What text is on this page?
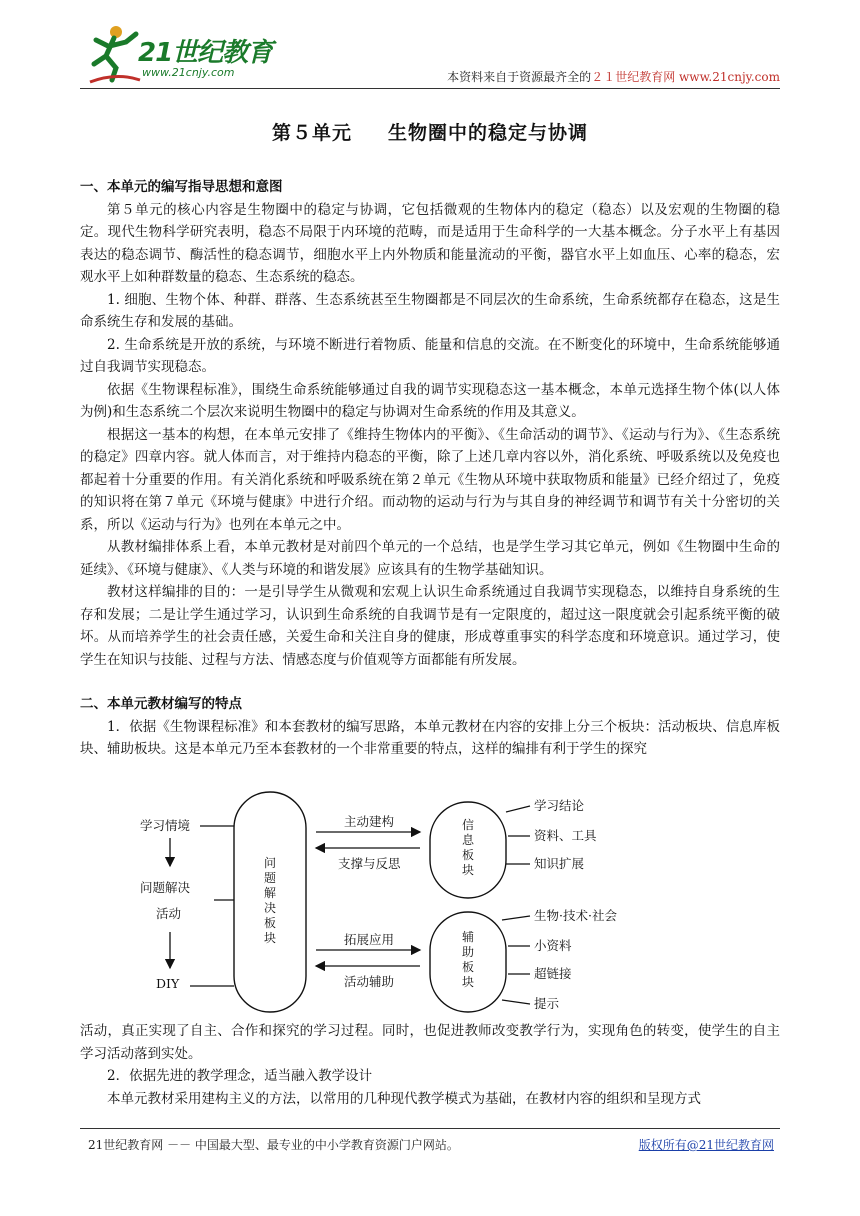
21世纪教育
www.21cnjy.com	本资料来自于资源最齐全的２１世纪教育网 www.21cnjy.com
第５单元 生物圈中的稳定与协调

一、本单元的编写指导思想和意图

第５单元的核心内容是生物圈中的稳定与协调，它包括微观的生物体内的稳定（稳态）以及宏观的生物圈的稳定。现代生物科学研究表明，稳态不局限于内环境的范畴，而是适用于生命科学的一大基本概念。分子水平上有基因表达的稳态调节、酶活性的稳态调节，细胞水平上内外物质和能量流动的平衡，器官水平上如血压、心率的稳态，宏观水平上如种群数量的稳态、生态系统的稳态。

1. 细胞、生物个体、种群、群落、生态系统甚至生物圈都是不同层次的生命系统，生命系统都存在稳态，这是生命系统生存和发展的基础。

2. 生命系统是开放的系统，与环境不断进行着物质、能量和信息的交流。在不断变化的环境中，生命系统能够通过自我调节实现稳态。

依据《生物课程标准》，围绕生命系统能够通过自我的调节实现稳态这一基本概念，本单元选择生物个体(以人体为例)和生态系统二个层次来说明生物圈中的稳定与协调对生命系统的作用及其意义。

根据这一基本的构想，在本单元安排了《维持生物体内的平衡》、《生命活动的调节》、《运动与行为》、《生态系统的稳定》四章内容。就人体而言，对于维持内稳态的平衡，除了上述几章内容以外，消化系统、呼吸系统以及免疫也都起着十分重要的作用。有关消化系统和呼吸系统在第２单元《生物从环境中获取物质和能量》已经介绍过了，免疫的知识将在第７单元《环境与健康》中进行介绍。而动物的运动与行为与其自身的神经调节和调节有关十分密切的关系，所以《运动与行为》也列在本单元之中。

从教材编排体系上看，本单元教材是对前四个单元的一个总结，也是学生学习其它单元，例如《生物圈中生命的延续》、《环境与健康》、《人类与环境的和谐发展》应该具有的生物学基础知识。

教材这样编排的目的：一是引导学生从微观和宏观上认识生命系统通过自我调节实现稳态，以维持自身系统的生存和发展；二是让学生通过学习，认识到生命系统的自我调节是有一定限度的，超过这一限度就会引起系统平衡的破坏。从而培养学生的社会责任感，关爱生命和关注自身的健康，形成尊重事实的科学态度和环境意识。通过学习，使学生在知识与技能、过程与方法、情感态度与价值观等方面都能有所发展。

二、本单元教材编写的特点

1．依据《生物课程标准》和本套教材的编写思路，本单元教材在内容的安排上分三个板块：活动板块、信息库板块、辅助板块。这是本单元乃至本套教材的一个非常重要的特点，这样的编排有利于学生的探究

学习情境
问题解决
活动
DIY
问
题
解
决
板
块
信
息
板
块
辅
助
板
块
主动建构
支撑与反思
拓展应用
活动辅助
学习结论
资料、工具
知识扩展
生物·技术·社会
小资料
超链接
提示

活动，真正实现了自主、合作和探究的学习过程。同时，也促进教师改变教学行为，实现角色的转变，使学生的自主学习活动落到实处。

2．依据先进的教学理念，适当融入教学设计

本单元教材采用建构主义的方法，以常用的几种现代教学模式为基础，在教材内容的组织和呈现方式

21世纪教育网 －－ 中国最大型、最专业的中小学教育资源门户网站。	版权所有@21世纪教育网
